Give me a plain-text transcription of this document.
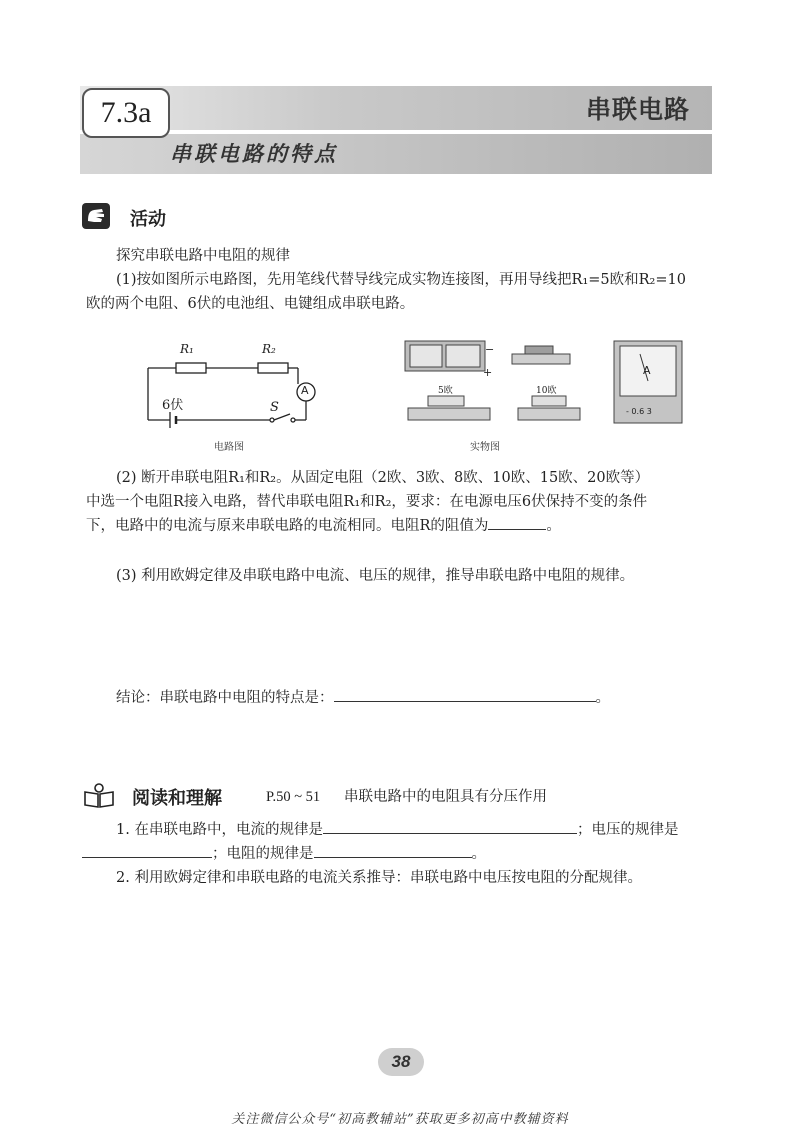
7.3a	串联电路
串联电路的特点
活动
探究串联电路中电阻的规律
(1)按如图所示电路图，先用笔线代替导线完成实物连接图，再用导线把R₁=5欧和R₂=10
欧的两个电阻、6伏的电池组、电键组成串联电路。
R₁	R₂
A
6伏	S
电路图
−
+
5欧	10欧
A
- 0.6 3
实物图
(2) 断开串联电阻R₁和R₂。从固定电阻（2欧、3欧、8欧、10欧、15欧、20欧等）
中选一个电阻R接入电路，替代串联电阻R₁和R₂，要求：在电源电压6伏保持不变的条件
下，电路中的电流与原来串联电路的电流相同。电阻R的阻值为	。
(3) 利用欧姆定律及串联电路中电流、电压的规律，推导串联电路中电阻的规律。
结论：串联电路中电阻的特点是：	。
阅读和理解	P.50 ~ 51 串联电路中的电阻具有分压作用
1. 在串联电路中，电流的规律是	；电压的规律是
；电阻的规律是	。
2. 利用欧姆定律和串联电路的电流关系推导：串联电路中电压按电阻的分配规律。
38
关注微信公众号“初高教辅站”获取更多初高中教辅资料
